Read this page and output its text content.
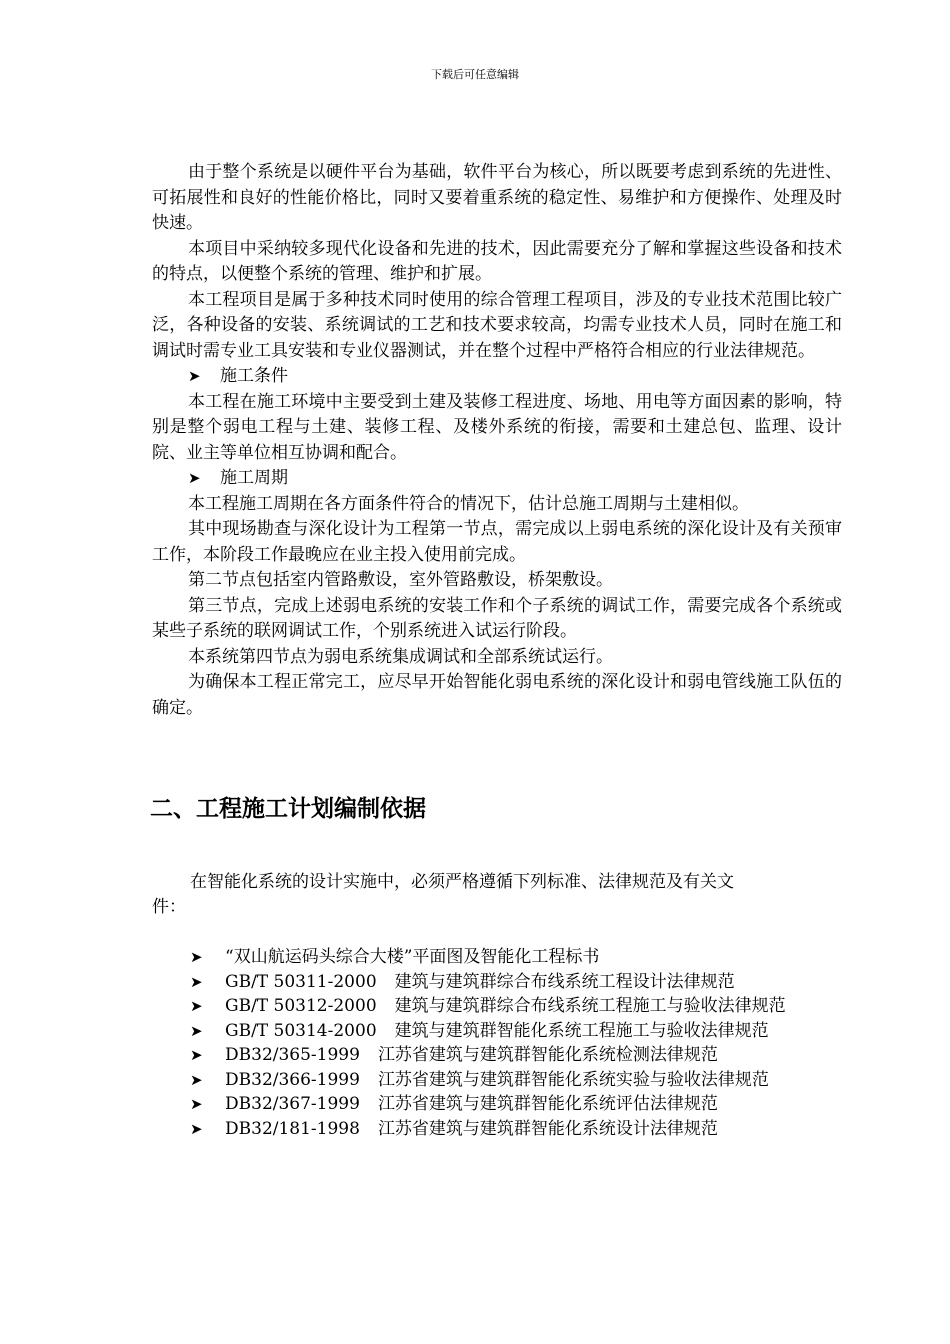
下载后可任意编辑

由于整个系统是以硬件平台为基础，软件平台为核心，所以既要考虑到系统的先进性、可拓展性和良好的性能价格比，同时又要着重系统的稳定性、易维护和方便操作、处理及时快速。

本项目中采纳较多现代化设备和先进的技术，因此需要充分了解和掌握这些设备和技术的特点，以便整个系统的管理、维护和扩展。

本工程项目是属于多种技术同时使用的综合管理工程项目，涉及的专业技术范围比较广泛，各种设备的安装、系统调试的工艺和技术要求较高，均需专业技术人员，同时在施工和调试时需专业工具安装和专业仪器测试，并在整个过程中严格符合相应的行业法律规范。

➤ 施工条件

本工程在施工环境中主要受到土建及装修工程进度、场地、用电等方面因素的影响，特别是整个弱电工程与土建、装修工程、及楼外系统的衔接，需要和土建总包、监理、设计院、业主等单位相互协调和配合。

➤ 施工周期

本工程施工周期在各方面条件符合的情况下，估计总施工周期与土建相似。

其中现场勘查与深化设计为工程第一节点，需完成以上弱电系统的深化设计及有关预审工作，本阶段工作最晚应在业主投入使用前完成。

第二节点包括室内管路敷设，室外管路敷设，桥架敷设。

第三节点，完成上述弱电系统的安装工作和个子系统的调试工作，需要完成各个系统或某些子系统的联网调试工作，个别系统进入试运行阶段。

本系统第四节点为弱电系统集成调试和全部系统试运行。

为确保本工程正常完工，应尽早开始智能化弱电系统的深化设计和弱电管线施工队伍的确定。

二、工程施工计划编制依据

在智能化系统的设计实施中，必须严格遵循下列标准、法律规范及有关文

件：

➤	“双山航运码头综合大楼”平面图及智能化工程标书
➤	GB/T 50311-2000 建筑与建筑群综合布线系统工程设计法律规范
➤	GB/T 50312-2000 建筑与建筑群综合布线系统工程施工与验收法律规范
➤	GB/T 50314-2000 建筑与建筑群智能化系统工程施工与验收法律规范
➤	DB32/365-1999 江苏省建筑与建筑群智能化系统检测法律规范
➤	DB32/366-1999 江苏省建筑与建筑群智能化系统实验与验收法律规范
➤	DB32/367-1999 江苏省建筑与建筑群智能化系统评估法律规范
➤	DB32/181-1998 江苏省建筑与建筑群智能化系统设计法律规范
